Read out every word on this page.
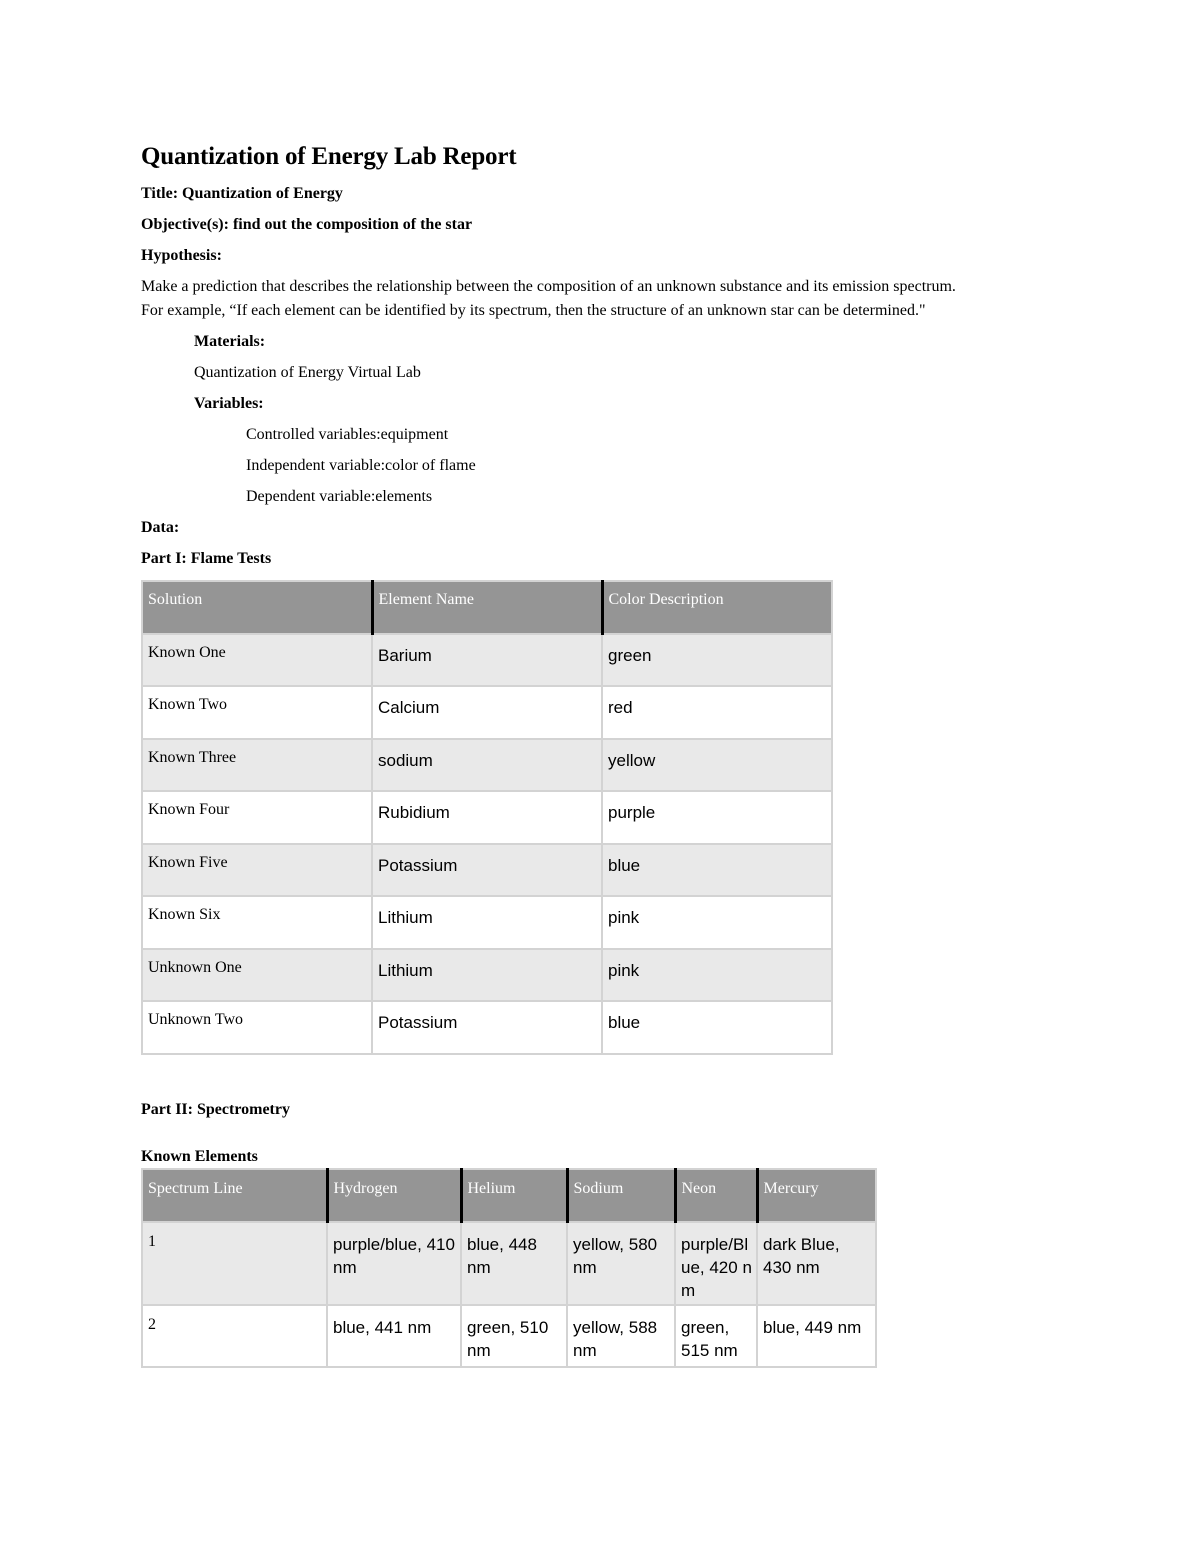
Quantization of Energy Lab Report
Title: Quantization of Energy
Objective(s): find out the composition of the star
Hypothesis:
Make a prediction that describes the relationship between the composition of an unknown substance and its emission spectrum.
For example, “If each element can be identified by its spectrum, then the structure of an unknown star can be determined."
Materials:
Quantization of Energy Virtual Lab
Variables:
Controlled variables:equipment
Independent variable:color of flame
Dependent variable:elements
Data:
Part I: Flame Tests
Solution	Element Name	Color Description
Known One	Barium	green
Known Two	Calcium	red
Known Three	sodium	yellow
Known Four	Rubidium	purple
Known Five	Potassium	blue
Known Six	Lithium	pink
Unknown One	Lithium	pink
Unknown Two	Potassium	blue
Part II: Spectrometry
Known Elements
Spectrum Line	Hydrogen	Helium	Sodium	Neon	Mercury
1	purple/blue, 410 nm	blue, 448 nm	yellow, 580 nm	purple/Blue, 420 nm	dark Blue, 430 nm
2	blue, 441 nm	green, 510 nm	yellow, 588 nm	green, 515 nm	blue, 449 nm
